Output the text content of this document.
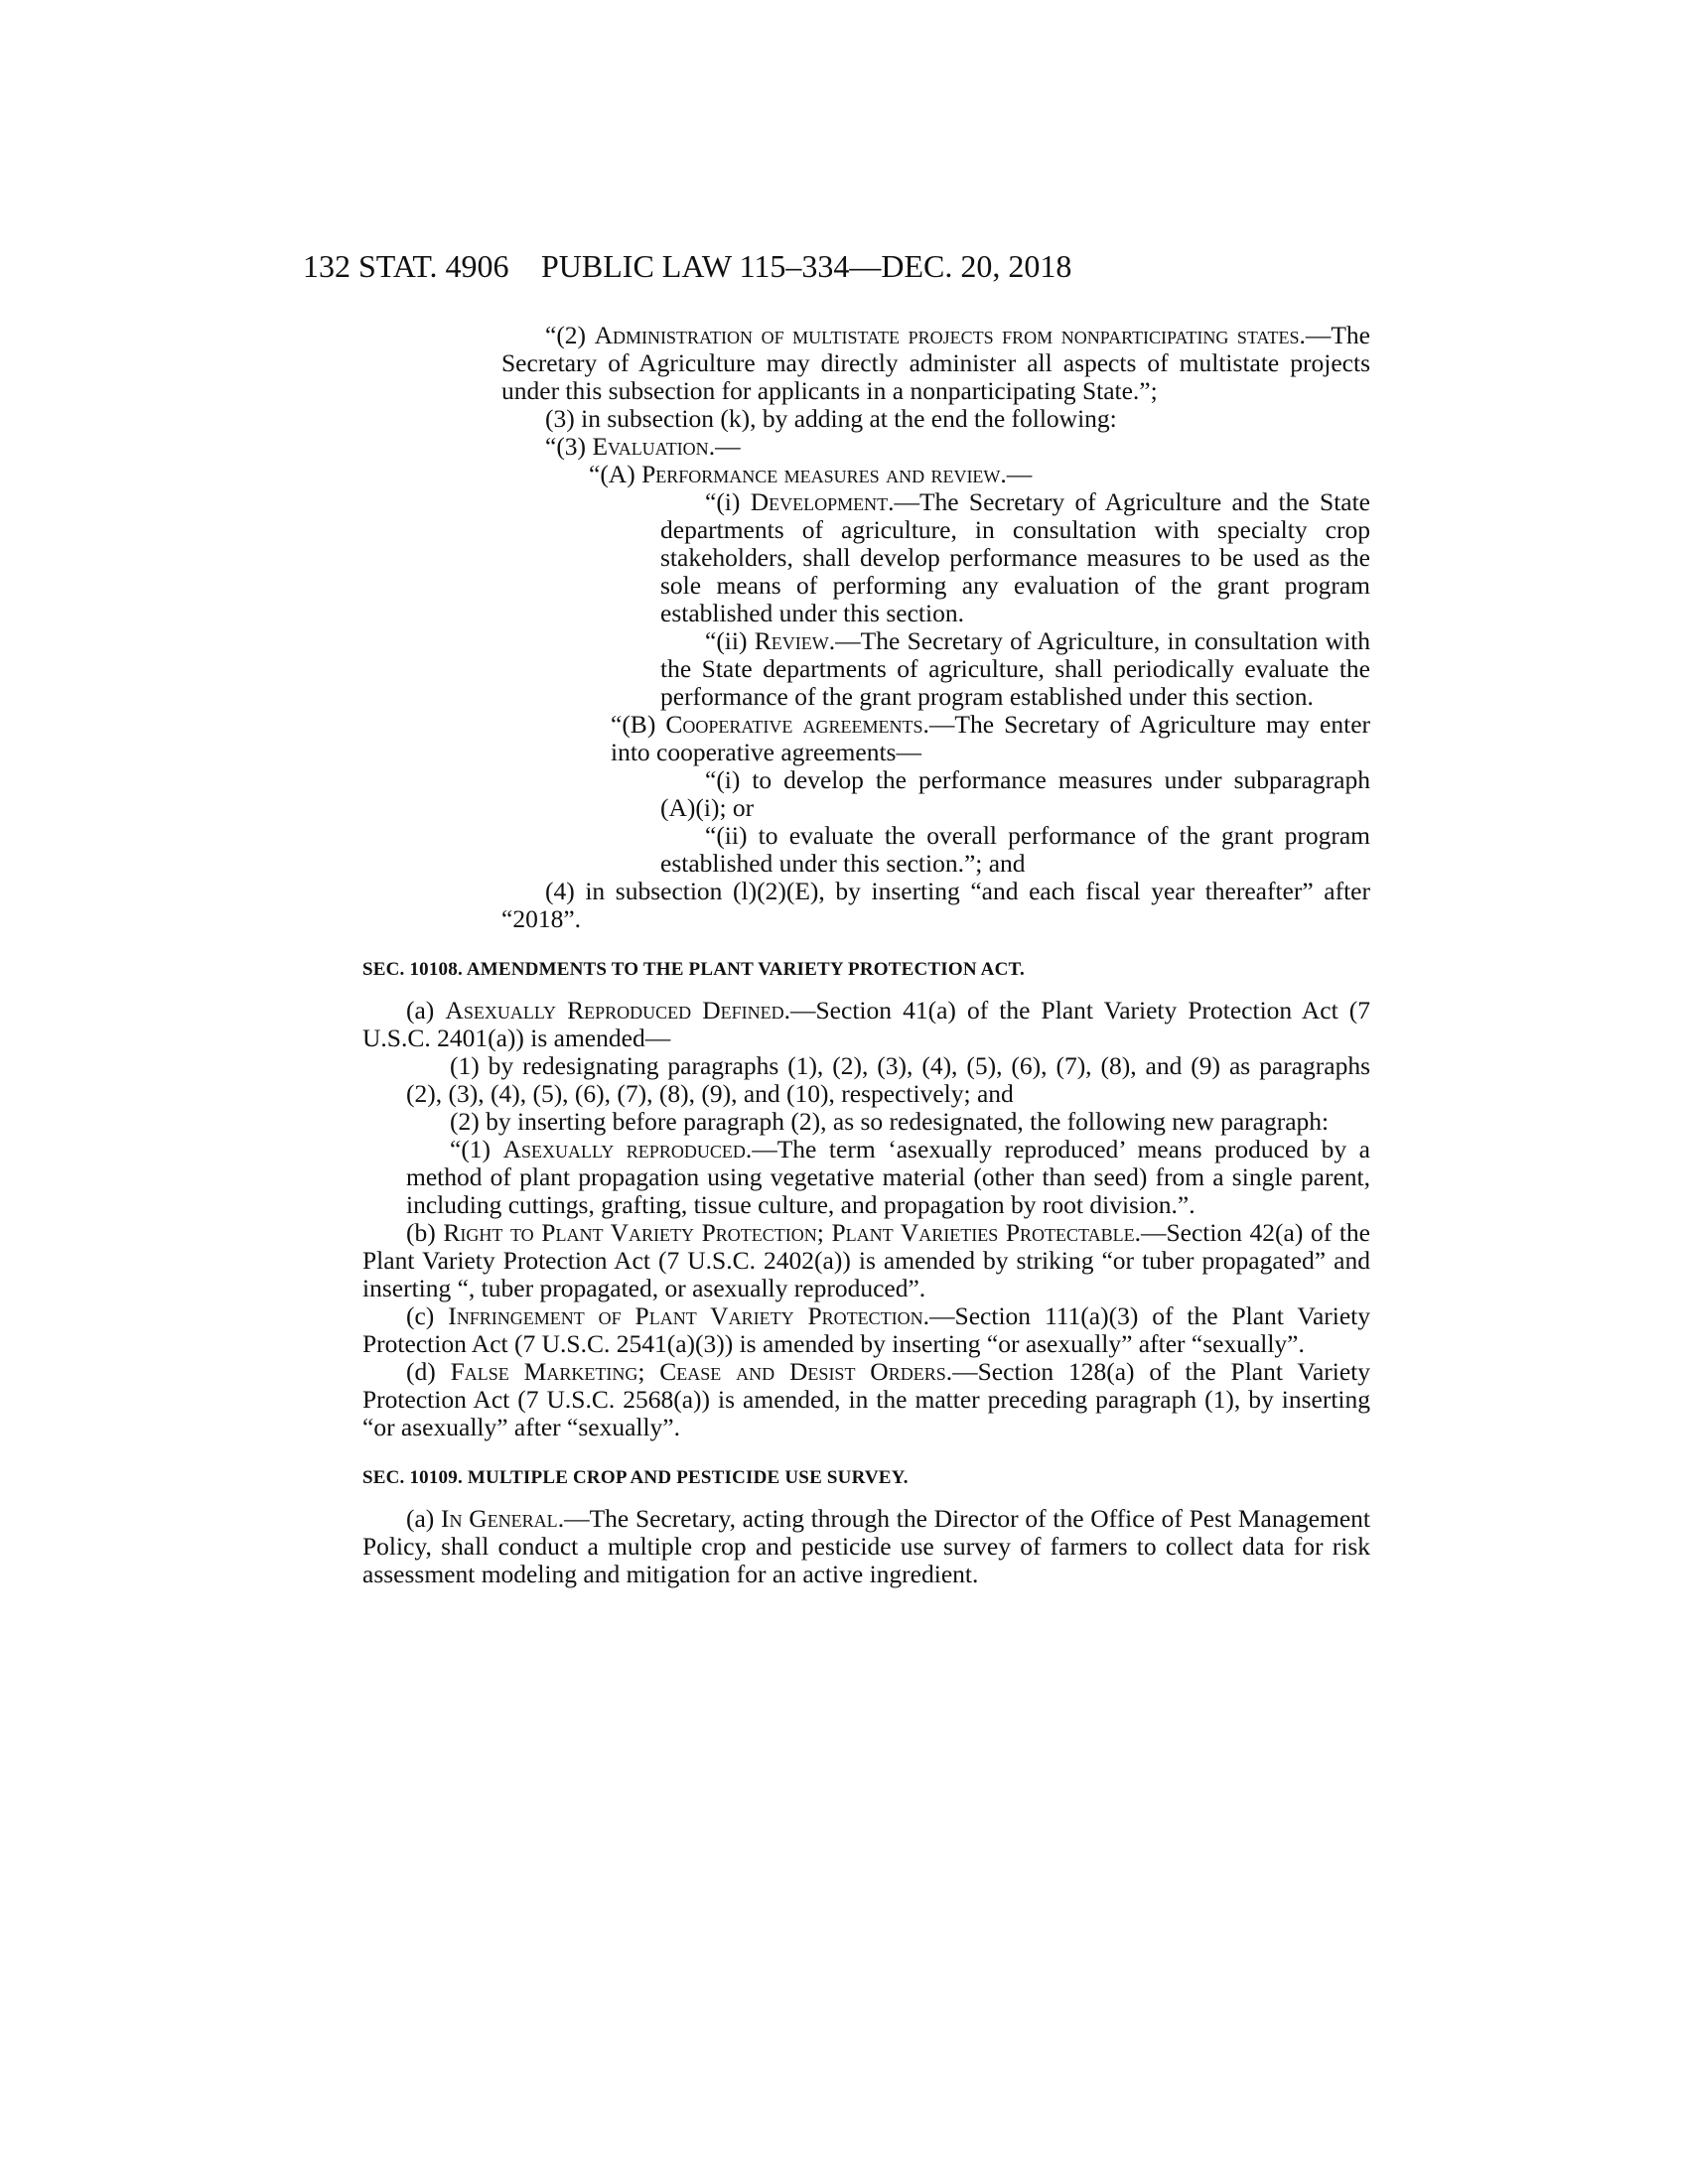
132 STAT. 4906 PUBLIC LAW 115–334—DEC. 20, 2018

“(2) Administration of multistate projects from nonparticipating states.—The Secretary of Agriculture may directly administer all aspects of multistate projects under this subsection for applicants in a nonparticipating State.”;

(3) in subsection (k), by adding at the end the following:

“(3) Evaluation.—

“(A) Performance measures and review.—

“(i) Development.—The Secretary of Agriculture and the State departments of agriculture, in consultation with specialty crop stakeholders, shall develop performance measures to be used as the sole means of performing any evaluation of the grant program established under this section.

“(ii) Review.—The Secretary of Agriculture, in consultation with the State departments of agriculture, shall periodically evaluate the performance of the grant program established under this section.

“(B) Cooperative agreements.—The Secretary of Agriculture may enter into cooperative agreements—

“(i) to develop the performance measures under subparagraph (A)(i); or

“(ii) to evaluate the overall performance of the grant program established under this section.”; and

(4) in subsection (l)(2)(E), by inserting “and each fiscal year thereafter” after “2018”.

SEC. 10108. AMENDMENTS TO THE PLANT VARIETY PROTECTION ACT.

(a) Asexually Reproduced Defined.—Section 41(a) of the Plant Variety Protection Act (7 U.S.C. 2401(a)) is amended—

(1) by redesignating paragraphs (1), (2), (3), (4), (5), (6), (7), (8), and (9) as paragraphs (2), (3), (4), (5), (6), (7), (8), (9), and (10), respectively; and

(2) by inserting before paragraph (2), as so redesignated, the following new paragraph:

“(1) Asexually reproduced.—The term ‘asexually reproduced’ means produced by a method of plant propagation using vegetative material (other than seed) from a single parent, including cuttings, grafting, tissue culture, and propagation by root division.”.

(b) Right to Plant Variety Protection; Plant Varieties Protectable.—Section 42(a) of the Plant Variety Protection Act (7 U.S.C. 2402(a)) is amended by striking “or tuber propagated” and inserting “, tuber propagated, or asexually reproduced”.

(c) Infringement of Plant Variety Protection.—Section 111(a)(3) of the Plant Variety Protection Act (7 U.S.C. 2541(a)(3)) is amended by inserting “or asexually” after “sexually”.

(d) False Marketing; Cease and Desist Orders.—Section 128(a) of the Plant Variety Protection Act (7 U.S.C. 2568(a)) is amended, in the matter preceding paragraph (1), by inserting “or asexually” after “sexually”.

SEC. 10109. MULTIPLE CROP AND PESTICIDE USE SURVEY.

(a) In General.—The Secretary, acting through the Director of the Office of Pest Management Policy, shall conduct a multiple crop and pesticide use survey of farmers to collect data for risk assessment modeling and mitigation for an active ingredient.
